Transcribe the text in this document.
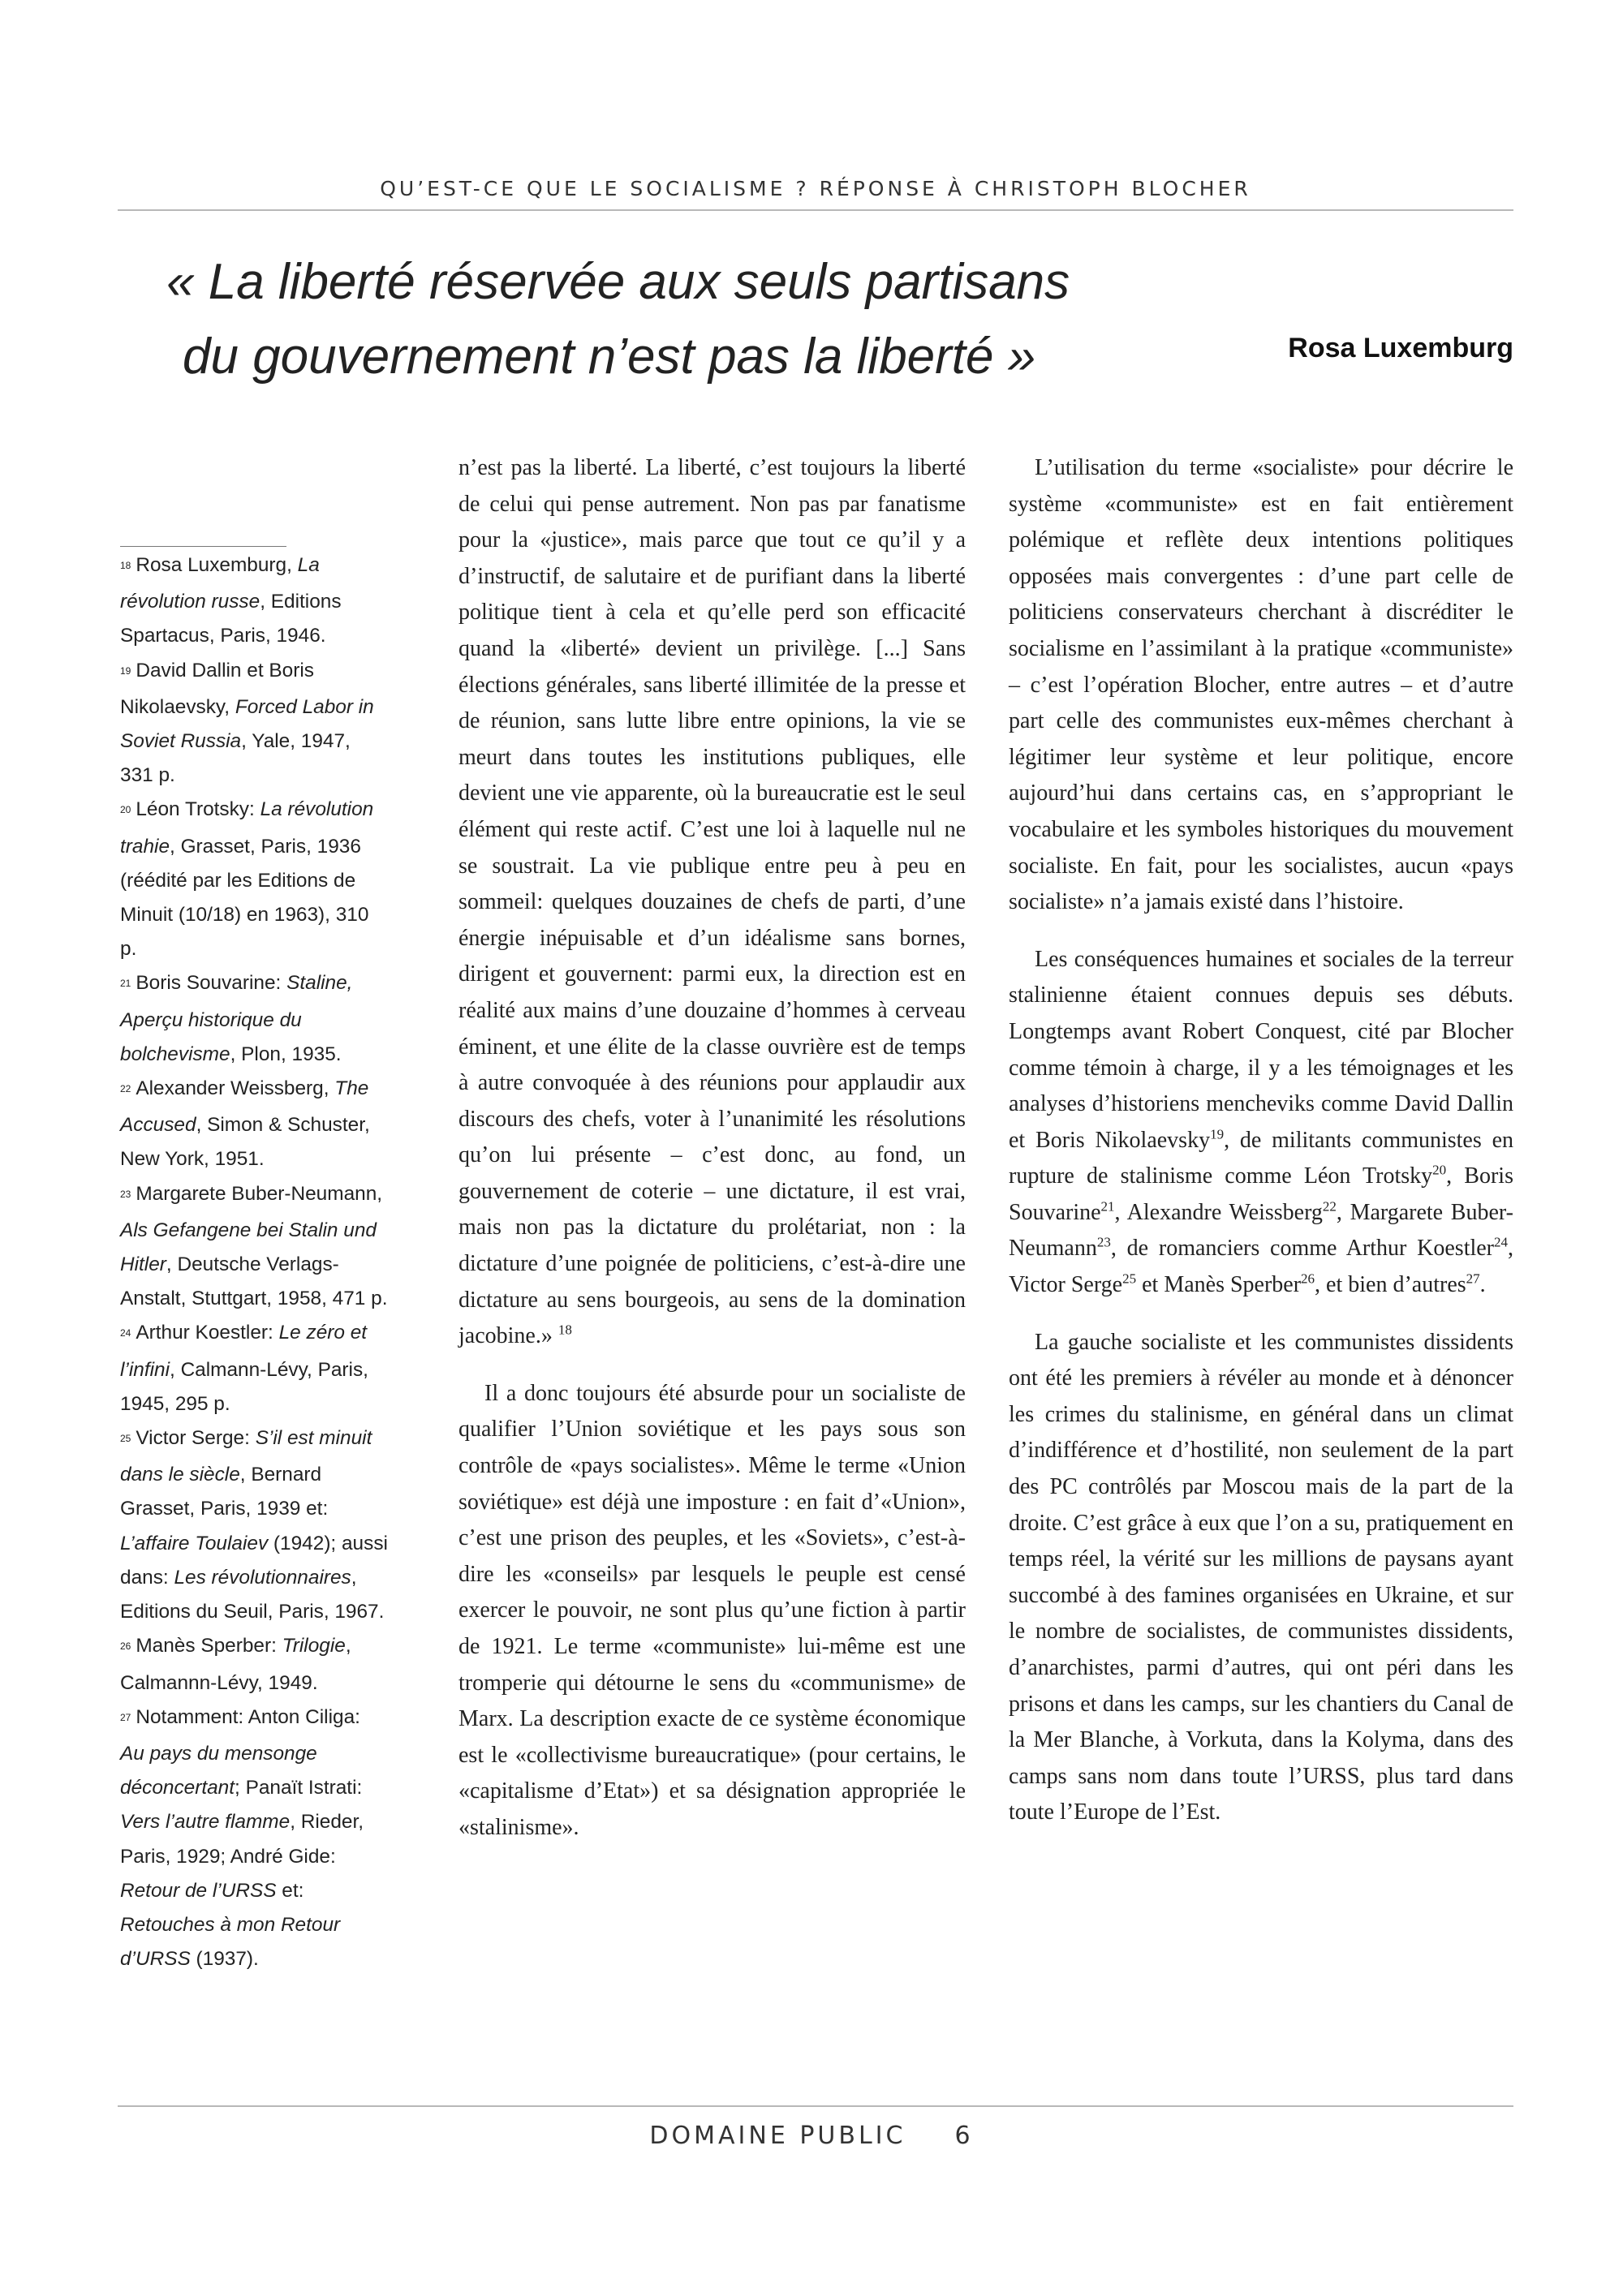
QU’EST-CE QUE LE SOCIALISME ? RÉPONSE À CHRISTOPH BLOCHER
« La liberté réservée aux seuls partisans
du gouvernement n’est pas la liberté »	Rosa Luxemburg
$^{18}$ Rosa Luxemburg, La révolution russe, Editions Spartacus, Paris, 1946.
$^{19}$ David Dallin et Boris Nikolaevsky, Forced Labor in Soviet Russia, Yale, 1947, 331 p.
$^{20}$ Léon Trotsky: La révolution trahie, Grasset, Paris, 1936 (réédité par les Editions de Minuit (10/18) en 1963), 310 p.
$^{21}$ Boris Souvarine: Staline, Aperçu historique du bolchevisme, Plon, 1935.
$^{22}$ Alexander Weissberg, The Accused, Simon & Schuster, New York, 1951.
$^{23}$ Margarete Buber-Neumann, Als Gefangene bei Stalin und Hitler, Deutsche Verlags-Anstalt, Stuttgart, 1958, 471 p.
$^{24}$ Arthur Koestler: Le zéro et l’infini, Calmann-Lévy, Paris, 1945, 295 p.
$^{25}$ Victor Serge: S’il est minuit dans le siècle, Bernard Grasset, Paris, 1939 et: L’affaire Toulaiev (1942); aussi dans: Les révolutionnaires, Editions du Seuil, Paris, 1967.
$^{26}$ Manès Sperber: Trilogie, Calmannn-Lévy, 1949.
$^{27}$ Notamment: Anton Ciliga: Au pays du mensonge déconcertant; Panaït Istrati: Vers l’autre flamme, Rieder, Paris, 1929; André Gide: Retour de l’URSS et: Retouches à mon Retour d’URSS (1937).

n’est pas la liberté. La liberté, c’est toujours la liberté de celui qui pense autrement. Non pas par fanatisme pour la «justice», mais parce que tout ce qu’il y a d’instructif, de salutaire et de purifiant dans la liberté politique tient à cela et qu’elle perd son efficacité quand la «liberté» devient un privilège. [...] Sans élections générales, sans liberté illimitée de la presse et de réunion, sans lutte libre entre opinions, la vie se meurt dans toutes les institutions publiques, elle devient une vie apparente, où la bureaucratie est le seul élément qui reste actif. C’est une loi à laquelle nul ne se soustrait. La vie publique entre peu à peu en sommeil: quelques douzaines de chefs de parti, d’une énergie inépuisable et d’un idéalisme sans bornes, dirigent et gouvernent: parmi eux, la direction est en réalité aux mains d’une douzaine d’hommes à cerveau éminent, et une élite de la classe ouvrière est de temps à autre convoquée à des réunions pour applaudir aux discours des chefs, voter à l’unanimité les résolutions qu’on lui présente – c’est donc, au fond, un gouvernement de coterie – une dictature, il est vrai, mais non pas la dictature du prolétariat, non : la dictature d’une poignée de politiciens, c’est-à-dire une dictature au sens bourgeois, au sens de la domination jacobine.» $^{18}$

Il a donc toujours été absurde pour un socialiste de qualifier l’Union soviétique et les pays sous son contrôle de «pays socialistes». Même le terme «Union soviétique» est déjà une imposture : en fait d’«Union», c’est une prison des peuples, et les «Soviets», c’est-à-dire les «conseils» par lesquels le peuple est censé exercer le pouvoir, ne sont plus qu’une fiction à partir de 1921. Le terme «communiste» lui-même est une tromperie qui détourne le sens du «communisme» de Marx. La description exacte de ce système économique est le «collectivisme bureaucratique» (pour certains, le «capitalisme d’Etat») et sa désignation appropriée le «stalinisme».

L’utilisation du terme «socialiste» pour décrire le système «communiste» est en fait entièrement polémique et reflète deux intentions politiques opposées mais convergentes : d’une part celle de politiciens conservateurs cherchant à discréditer le socialisme en l’assimilant à la pratique «communiste» – c’est l’opération Blocher, entre autres – et d’autre part celle des communistes eux-mêmes cherchant à légitimer leur système et leur politique, encore aujourd’hui dans certains cas, en s’appropriant le vocabulaire et les symboles historiques du mouvement socialiste. En fait, pour les socialistes, aucun «pays socialiste» n’a jamais existé dans l’histoire.

Les conséquences humaines et sociales de la terreur stalinienne étaient connues depuis ses débuts. Longtemps avant Robert Conquest, cité par Blocher comme témoin à charge, il y a les témoignages et les analyses d’historiens mencheviks comme David Dallin et Boris Nikolaevsky$^{19}$, de militants communistes en rupture de stalinisme comme Léon Trotsky$^{20}$, Boris Souvarine$^{21}$, Alexandre Weissberg$^{22}$, Margarete Buber-Neumann$^{23}$, de romanciers comme Arthur Koestler$^{24}$, Victor Serge$^{25}$ et Manès Sperber$^{26}$, et bien d’autres$^{27}$.

La gauche socialiste et les communistes dissidents ont été les premiers à révéler au monde et à dénoncer les crimes du stalinisme, en général dans un climat d’indifférence et d’hostilité, non seulement de la part des PC contrôlés par Moscou mais de la part de la droite. C’est grâce à eux que l’on a su, pratiquement en temps réel, la vérité sur les millions de paysans ayant succombé à des famines organisées en Ukraine, et sur le nombre de socialistes, de communistes dissidents, d’anarchistes, parmi d’autres, qui ont péri dans les prisons et dans les camps, sur les chantiers du Canal de la Mer Blanche, à Vorkuta, dans la Kolyma, dans des camps sans nom dans toute l’URSS, plus tard dans toute l’Europe de l’Est.

DOMAINE PUBLIC 6
